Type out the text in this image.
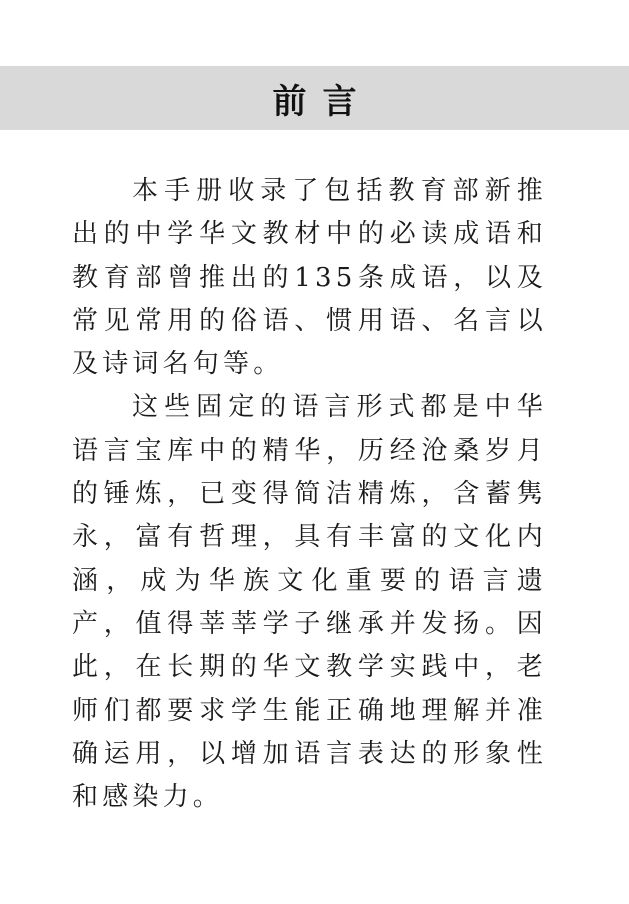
前言

本手册收录了包括教育部新推出的中学华文教材中的必读成语和教育部曾推出的135条成语，以及常见常用的俗语、惯用语、名言以及诗词名句等。

这些固定的语言形式都是中华语言宝库中的精华，历经沧桑岁月的锤炼，已变得简洁精炼，含蓄隽永，富有哲理，具有丰富的文化内涵，成为华族文化重要的语言遗产，值得莘莘学子继承并发扬。因此，在长期的华文教学实践中，老师们都要求学生能正确地理解并准确运用，以增加语言表达的形象性和感染力。
